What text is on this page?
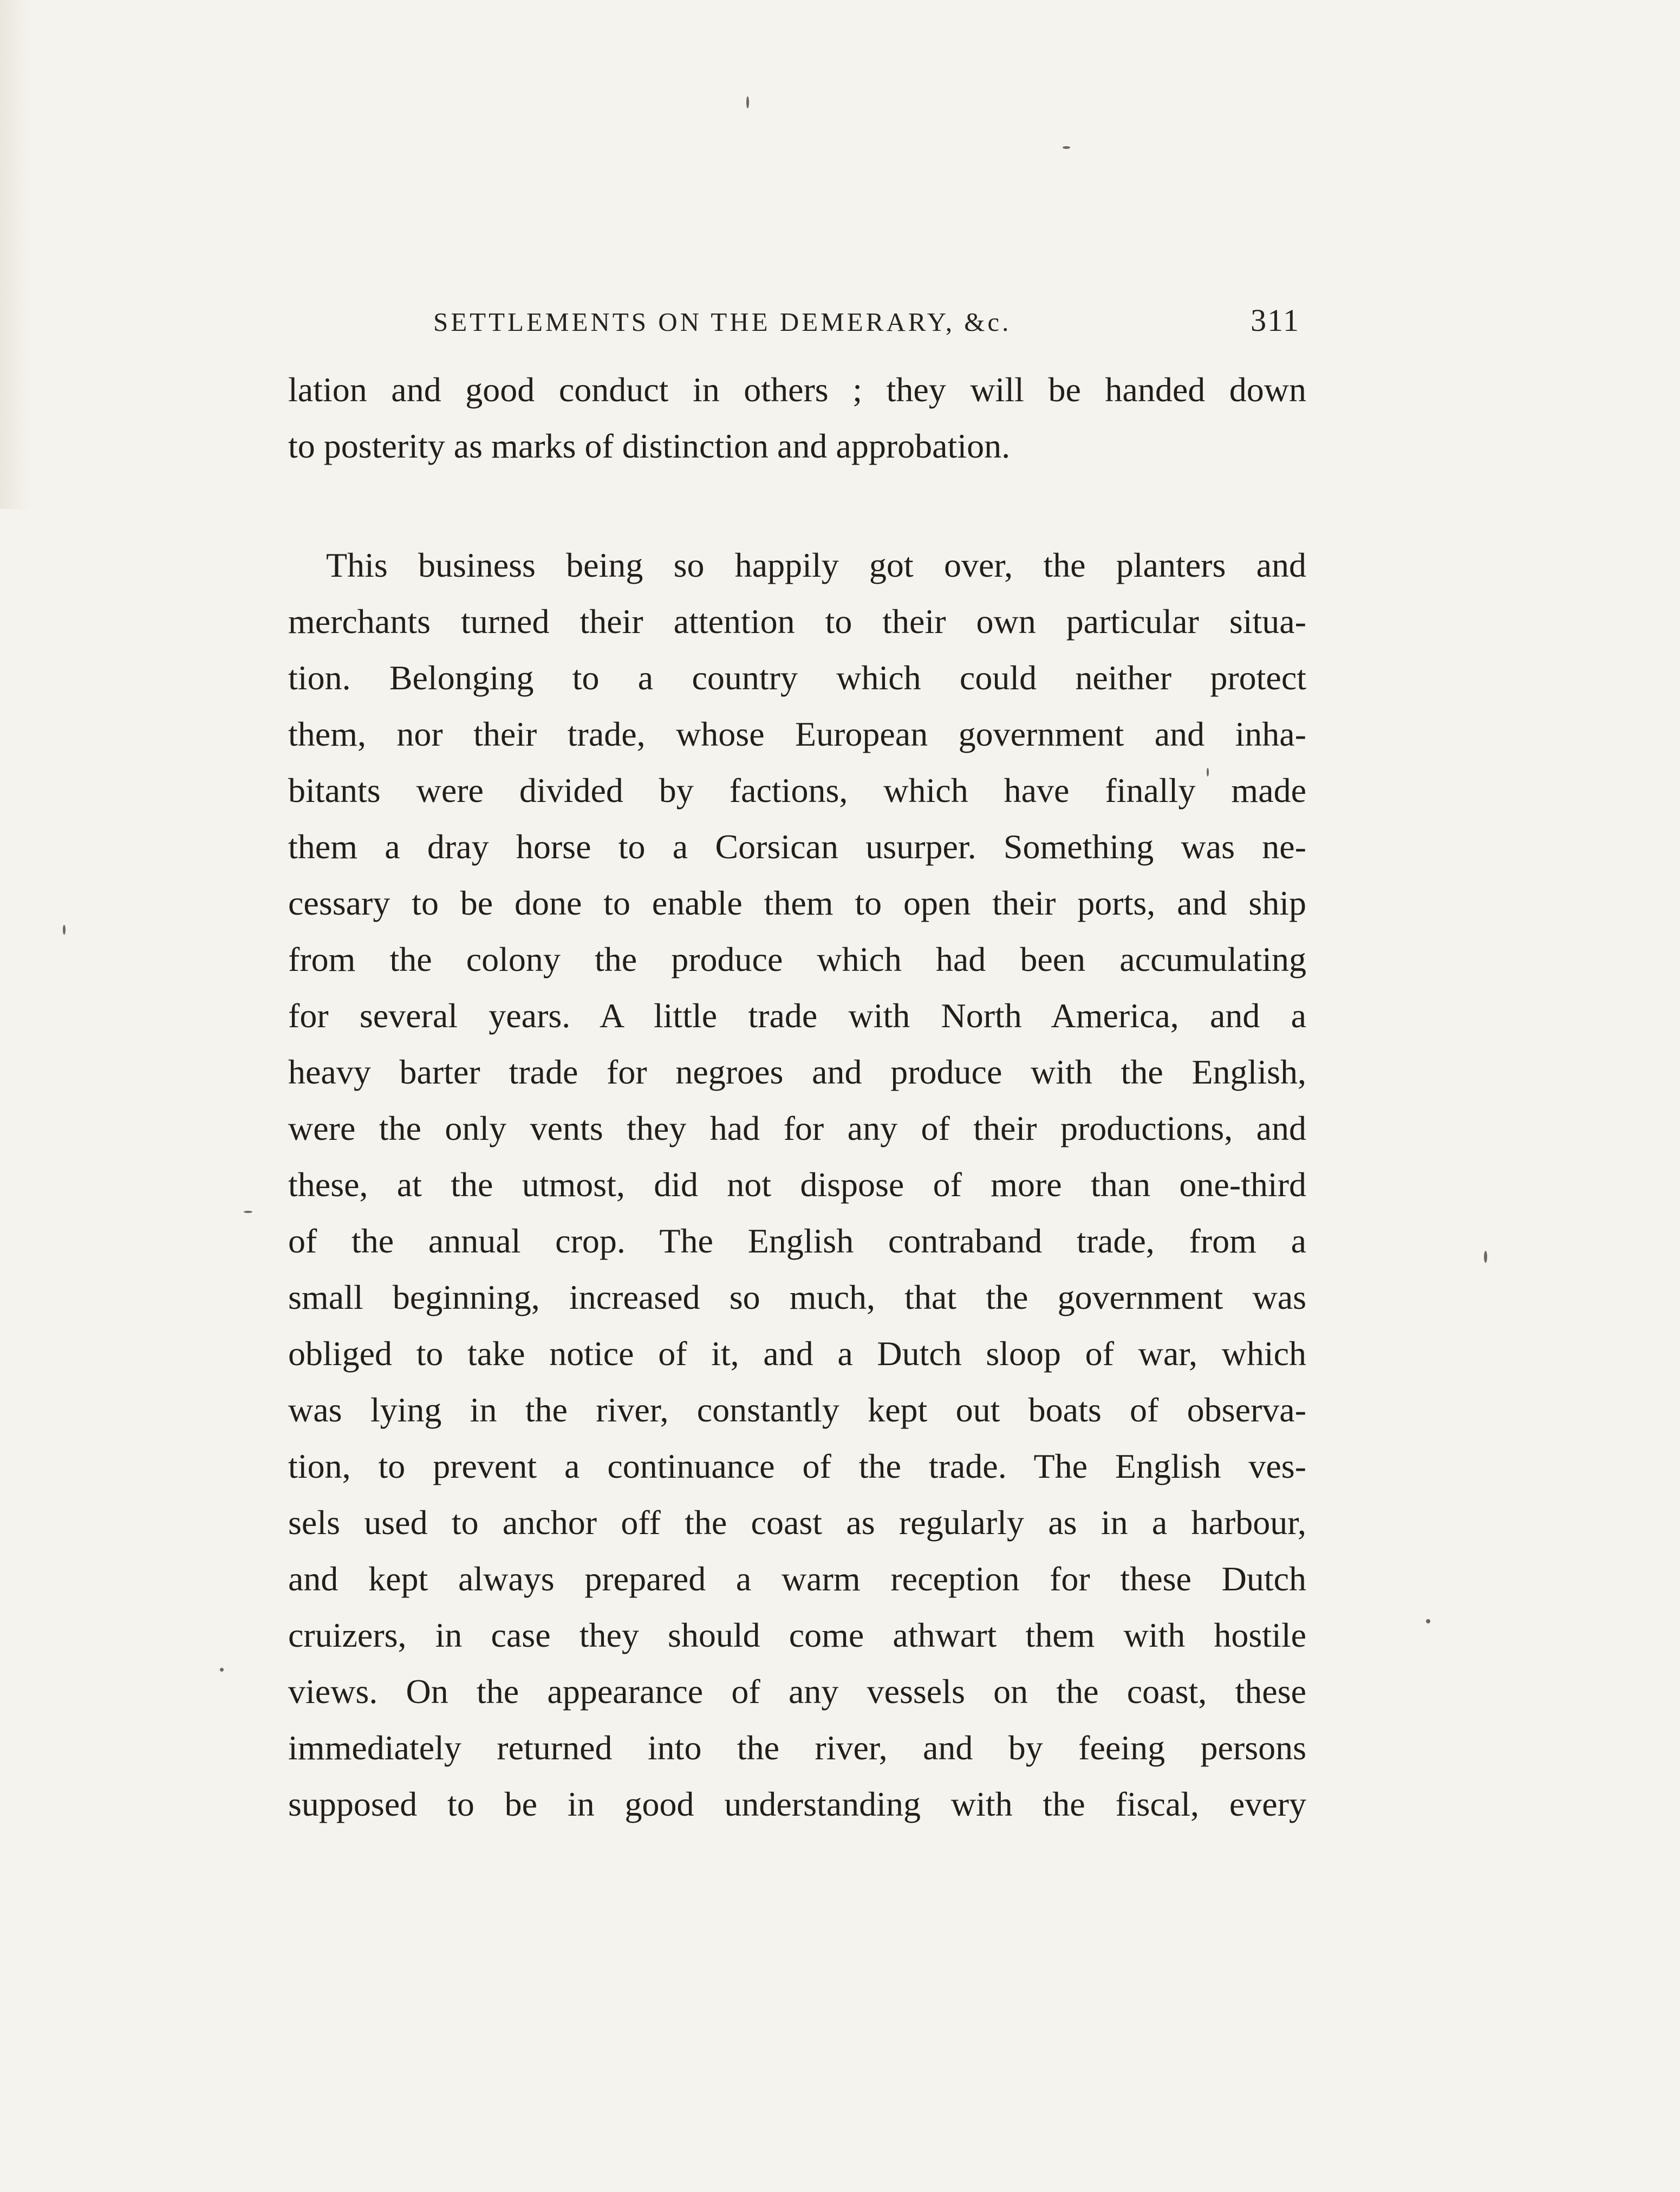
SETTLEMENTS ON THE DEMERARY, &c.	311
lation and good conduct in others ; they will be handed down
to posterity as marks of distinction and approbation.
This business being so happily got over, the planters and
merchants turned their attention to their own particular situa-
tion. Belonging to a country which could neither protect
them, nor their trade, whose European government and inha-
bitants were divided by factions, which have finally made
them a dray horse to a Corsican usurper. Something was ne-
cessary to be done to enable them to open their ports, and ship
from the colony the produce which had been accumulating
for several years. A little trade with North America, and a
heavy barter trade for negroes and produce with the English,
were the only vents they had for any of their productions, and
these, at the utmost, did not dispose of more than one-third
of the annual crop. The English contraband trade, from a
small beginning, increased so much, that the government was
obliged to take notice of it, and a Dutch sloop of war, which
was lying in the river, constantly kept out boats of observa-
tion, to prevent a continuance of the trade. The English ves-
sels used to anchor off the coast as regularly as in a harbour,
and kept always prepared a warm reception for these Dutch
cruizers, in case they should come athwart them with hostile
views. On the appearance of any vessels on the coast, these
immediately returned into the river, and by feeing persons
supposed to be in good understanding with the fiscal, every
